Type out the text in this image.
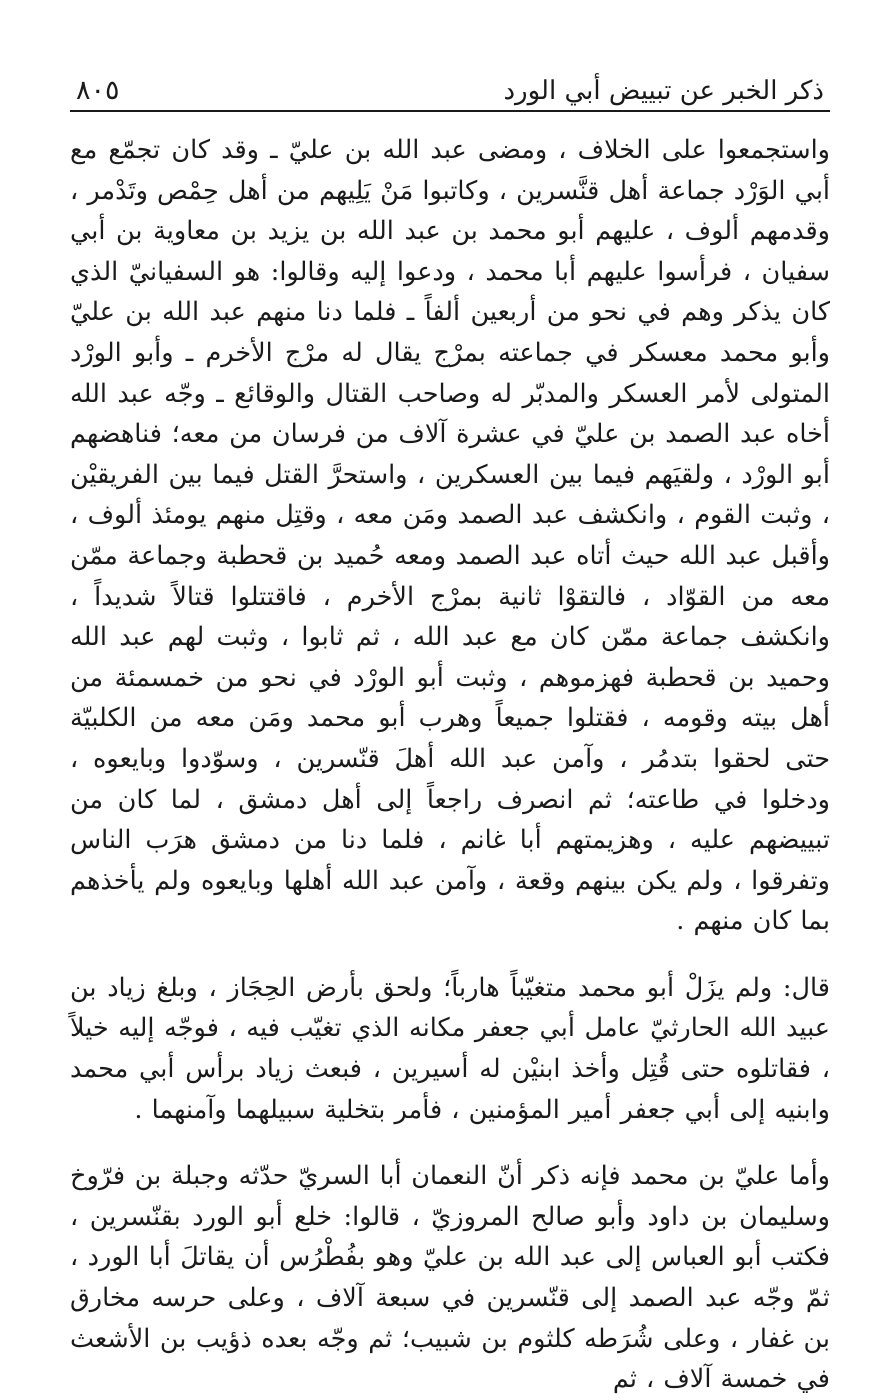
ذكر الخبر عن تبييض أبي الورد
٨٠٥

واستجمعوا على الخلاف ، ومضى عبد الله بن عليّ ـ وقد كان تجمّع مع أبي الوَرْد جماعة أهل قنَّسرين ، وكاتبوا مَنْ يَلِيهم من أهل حِمْص وتَدْمر ، وقدمهم ألوف ، عليهم أبو محمد بن عبد الله بن يزيد بن معاوية بن أبي سفيان ، فرأسوا عليهم أبا محمد ، ودعوا إليه وقالوا: هو السفيانيّ الذي كان يذكر وهم في نحو من أربعين ألفاً ـ فلما دنا منهم عبد الله بن عليّ وأبو محمد معسكر في جماعته بمرْج يقال له مرْج الأخرم ـ وأبو الورْد المتولى لأمر العسكر والمدبّر له وصاحب القتال والوقائع ـ وجّه عبد الله أخاه عبد الصمد بن عليّ في عشرة آلاف من فرسان من معه؛ فناهضهم أبو الورْد ، ولقيَهم فيما بين العسكرين ، واستحرَّ القتل فيما بين الفريقيْن ، وثبت القوم ، وانكشف عبد الصمد ومَن معه ، وقتِل منهم يومئذ ألوف ، وأقبل عبد الله حيث أتاه عبد الصمد ومعه حُميد بن قحطبة وجماعة ممّن معه من القوّاد ، فالتقوْا ثانية بمرْج الأخرم ، فاقتتلوا قتالاً شديداً ، وانكشف جماعة ممّن كان مع عبد الله ، ثم ثابوا ، وثبت لهم عبد الله وحميد بن قحطبة فهزموهم ، وثبت أبو الورْد في نحو من خمسمئة من أهل بيته وقومه ، فقتلوا جميعاً وهرب أبو محمد ومَن معه من الكلبيّة حتى لحقوا بتدمُر ، وآمن عبد الله أهلَ قنّسرين ، وسوّدوا وبايعوه ، ودخلوا في طاعته؛ ثم انصرف راجعاً إلى أهل دمشق ، لما كان من تبييضهم عليه ، وهزيمتهم أبا غانم ، فلما دنا من دمشق هرَب الناس وتفرقوا ، ولم يكن بينهم وقعة ، وآمن عبد الله أهلها وبايعوه ولم يأخذهم بما كان منهم .

قال: ولم يزَلْ أبو محمد متغيّباً هارباً؛ ولحق بأرض الحِجَاز ، وبلغ زياد بن عبيد الله الحارثيّ عامل أبي جعفر مكانه الذي تغيّب فيه ، فوجّه إليه خيلاً ، فقاتلوه حتى قُتِل وأخذ ابنيْن له أسيرين ، فبعث زياد برأس أبي محمد وابنيه إلى أبي جعفر أمير المؤمنين ، فأمر بتخلية سبيلهما وآمنهما .

وأما عليّ بن محمد فإنه ذكر أنّ النعمان أبا السريّ حدّثه وجبلة بن فرّوخ وسليمان بن داود وأبو صالح المروزيّ ، قالوا: خلع أبو الورد بقنّسرين ، فكتب أبو العباس إلى عبد الله بن عليّ وهو بفُطْرُس أن يقاتلَ أبا الورد ، ثمّ وجّه عبد الصمد إلى قنّسرين في سبعة آلاف ، وعلى حرسه مخارق بن غفار ، وعلى شُرَطه كلثوم بن شبيب؛ ثم وجّه بعده ذؤيب بن الأشعث في خمسة آلاف ، ثم
